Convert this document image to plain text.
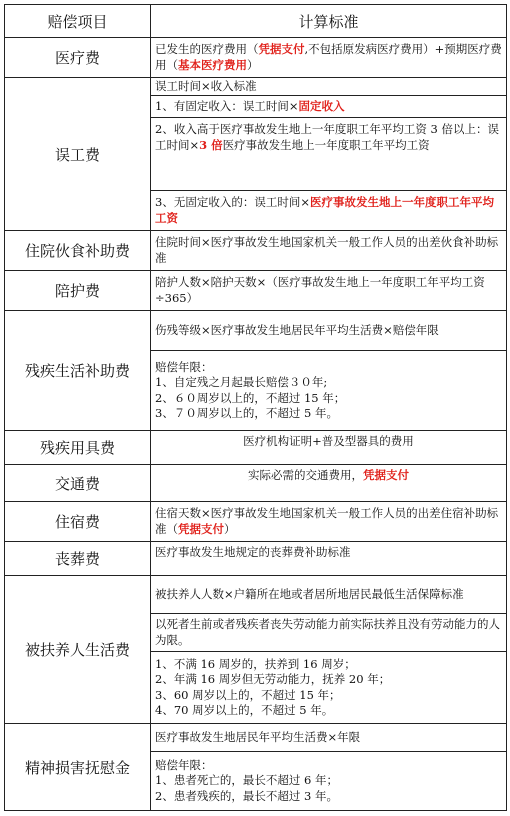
赔偿项目	计算标准
医疗费	已发生的医疗费用（凭据支付,不包括原发病医疗费用）+预期医疗费用（基本医疗费用）
误工费	误工时间×收入标准
	1、有固定收入：误工时间×固定收入
	2、收入高于医疗事故发生地上一年度职工年平均工资 3 倍以上：误工时间×3 倍医疗事故发生地上一年度职工年平均工资
	3、无固定收入的：误工时间×医疗事故发生地上一年度职工年平均工资
住院伙食补助费	住院时间×医疗事故发生地国家机关一般工作人员的出差伙食补助标准
陪护费	陪护人数×陪护天数×（医疗事故发生地上一年度职工年平均工资÷365）
残疾生活补助费	伤残等级×医疗事故发生地居民年平均生活费×赔偿年限

	赔偿年限：
1、自定残之月起最长赔偿３０年;
2、６０周岁以上的，不超过 15 年；
3、７０周岁以上的，不超过 5 年。

残疾用具费	医疗机构证明+普及型器具的费用
交通费	实际必需的交通费用，凭据支付
住宿费	住宿天数×医疗事故发生地国家机关一般工作人员的出差住宿补助标准（凭据支付）
丧葬费	医疗事故发生地规定的丧葬费补助标准
被扶养人生活费	被扶养人人数×户籍所在地或者居所地居民最低生活保障标准
	以死者生前或者残疾者丧失劳动能力前实际扶养且没有劳动能力的人为限。

	1、不满 16 周岁的，扶养到 16 周岁；
2、年满 16 周岁但无劳动能力，抚养 20 年；
3、60 周岁以上的，不超过 15 年；
4、70 周岁以上的，不超过 5 年。

精神损害抚慰金	医疗事故发生地居民年平均生活费×年限

	赔偿年限：
1、患者死亡的，最长不超过 6 年；
2、患者残疾的，最长不超过 3 年。
